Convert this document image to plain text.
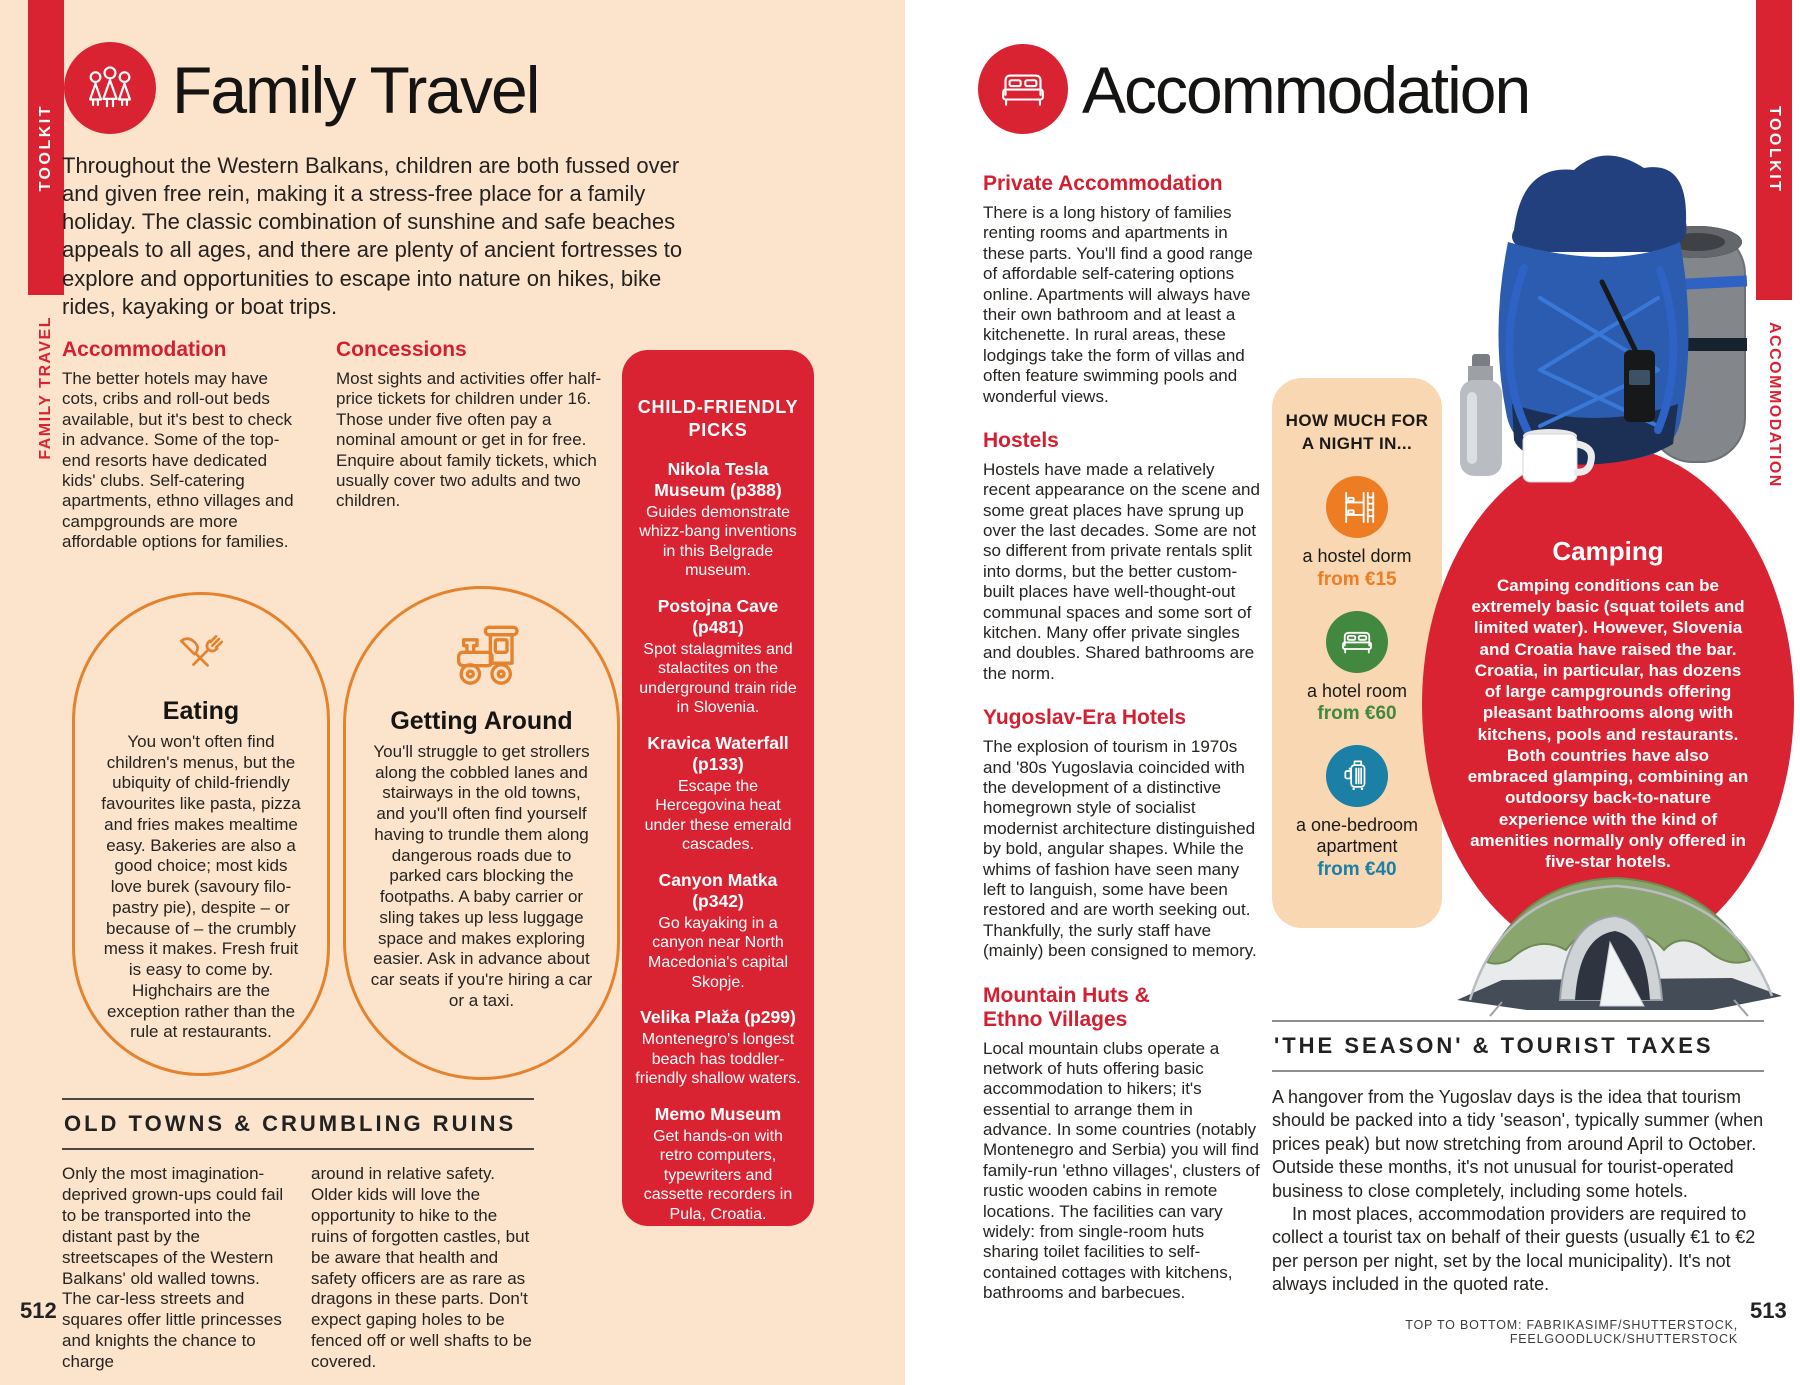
TOOLKIT
FAMILY TRAVEL
Family Travel
Throughout the Western Balkans, children are both fussed over and given free rein, making it a stress-free place for a family holiday. The classic combination of sunshine and safe beaches appeals to all ages, and there are plenty of ancient fortresses to explore and opportunities to escape into nature on hikes, bike rides, kayaking or boat trips.
Accommodation
The better hotels may have cots, cribs and roll-out beds available, but it's best to check in advance. Some of the top-end resorts have dedicated kids' clubs. Self-catering apartments, ethno villages and campgrounds are more affordable options for families.
Concessions
Most sights and activities offer half-price tickets for children under 16. Those under five often pay a nominal amount or get in for free. Enquire about family tickets, which usually cover two adults and two children.
CHILD-FRIENDLY PICKS
Nikola Tesla Museum (p388)
Guides demonstrate whizz-bang inventions in this Belgrade museum.
Postojna Cave (p481)
Spot stalagmites and stalactites on the underground train ride in Slovenia.
Kravica Waterfall (p133)
Escape the Hercegovina heat under these emerald cascades.
Canyon Matka (p342)
Go kayaking in a canyon near North Macedonia's capital Skopje.
Velika Plaža (p299)
Montenegro's longest beach has toddler-friendly shallow waters.
Memo Museum
Get hands-on with retro computers, typewriters and cassette recorders in Pula, Croatia.
Eating
You won't often find children's menus, but the ubiquity of child-friendly favourites like pasta, pizza and fries makes mealtime easy. Bakeries are also a good choice; most kids love burek (savoury filo-pastry pie), despite – or because of – the crumbly mess it makes. Fresh fruit is easy to come by. Highchairs are the exception rather than the rule at restaurants.
Getting Around
You'll struggle to get strollers along the cobbled lanes and stairways in the old towns, and you'll often find yourself having to trundle them along dangerous roads due to parked cars blocking the footpaths. A baby carrier or sling takes up less luggage space and makes exploring easier. Ask in advance about car seats if you're hiring a car or a taxi.
OLD TOWNS & CRUMBLING RUINS
Only the most imagination-deprived grown-ups could fail to be transported into the distant past by the streetscapes of the Western Balkans' old walled towns. The car-less streets and squares offer little princesses and knights the chance to charge
around in relative safety. Older kids will love the opportunity to hike to the ruins of forgotten castles, but be aware that health and safety officers are as rare as dragons in these parts. Don't expect gaping holes to be fenced off or well shafts to be covered.
512
TOOLKIT
ACCOMMODATION
Accommodation
Private Accommodation
There is a long history of families renting rooms and apartments in these parts. You'll find a good range of affordable self-catering options online. Apartments will always have their own bathroom and at least a kitchenette. In rural areas, these lodgings take the form of villas and often feature swimming pools and wonderful views.
Hostels
Hostels have made a relatively recent appearance on the scene and some great places have sprung up over the last decades. Some are not so different from private rentals split into dorms, but the better custom-built places have well-thought-out communal spaces and some sort of kitchen. Many offer private singles and doubles. Shared bathrooms are the norm.
Yugoslav-Era Hotels
The explosion of tourism in 1970s and '80s Yugoslavia coincided with the development of a distinctive homegrown style of socialist modernist architecture distinguished by bold, angular shapes. While the whims of fashion have seen many left to languish, some have been restored and are worth seeking out. Thankfully, the surly staff have (mainly) been consigned to memory.
Mountain Huts & Ethno Villages
Local mountain clubs operate a network of huts offering basic accommodation to hikers; it's essential to arrange them in advance. In some countries (notably Montenegro and Serbia) you will find family-run 'ethno villages', clusters of rustic wooden cabins in remote locations. The facilities can vary widely: from single-room huts sharing toilet facilities to self-contained cottages with kitchens, bathrooms and barbecues.
HOW MUCH FOR A NIGHT IN...
a hostel dorm
from €15
a hotel room
from €60
a one-bedroom apartment
from €40
Camping
Camping conditions can be extremely basic (squat toilets and limited water). However, Slovenia and Croatia have raised the bar. Croatia, in particular, has dozens of large campgrounds offering pleasant bathrooms along with kitchens, pools and restaurants. Both countries have also embraced glamping, combining an outdoorsy back-to-nature experience with the kind of amenities normally only offered in five-star hotels.
'THE SEASON' & TOURIST TAXES
A hangover from the Yugoslav days is the idea that tourism should be packed into a tidy 'season', typically summer (when prices peak) but now stretching from around April to October. Outside these months, it's not unusual for tourist-operated business to close completely, including some hotels.
In most places, accommodation providers are required to collect a tourist tax on behalf of their guests (usually €1 to €2 per person per night, set by the local municipality). It's not always included in the quoted rate.
TOP TO BOTTOM: FABRIKASIMF/SHUTTERSTOCK, FEELGOODLUCK/SHUTTERSTOCK
513
